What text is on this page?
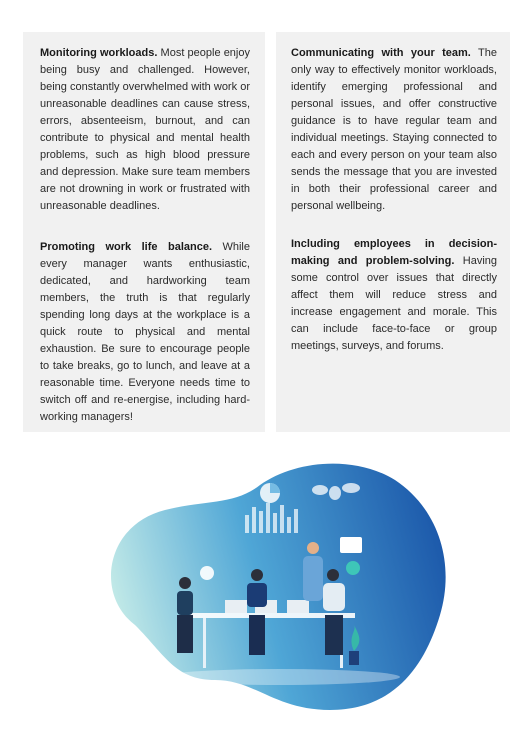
Monitoring workloads. Most people enjoy being busy and challenged. However, being constantly overwhelmed with work or unreasonable deadlines can cause stress, errors, absenteeism, burnout, and can contribute to physical and mental health problems, such as high blood pressure and depression. Make sure team members are not drowning in work or frustrated with unreasonable deadlines.

Promoting work life balance. While every manager wants enthusiastic, dedicated, and hardworking team members, the truth is that regularly spending long days at the workplace is a quick route to physical and mental exhaustion. Be sure to encourage people to take breaks, go to lunch, and leave at a reasonable time. Everyone needs time to switch off and re-energise, including hard-working managers!

Communicating with your team. The only way to effectively monitor workloads, identify emerging professional and personal issues, and offer constructive guidance is to have regular team and individual meetings. Staying connected to each and every person on your team also sends the message that you are invested in both their professional career and personal wellbeing.

Including employees in decision-making and problem-solving. Having some control over issues that directly affect them will reduce stress and increase engagement and morale. This can include face-to-face or group meetings, surveys, and forums.
